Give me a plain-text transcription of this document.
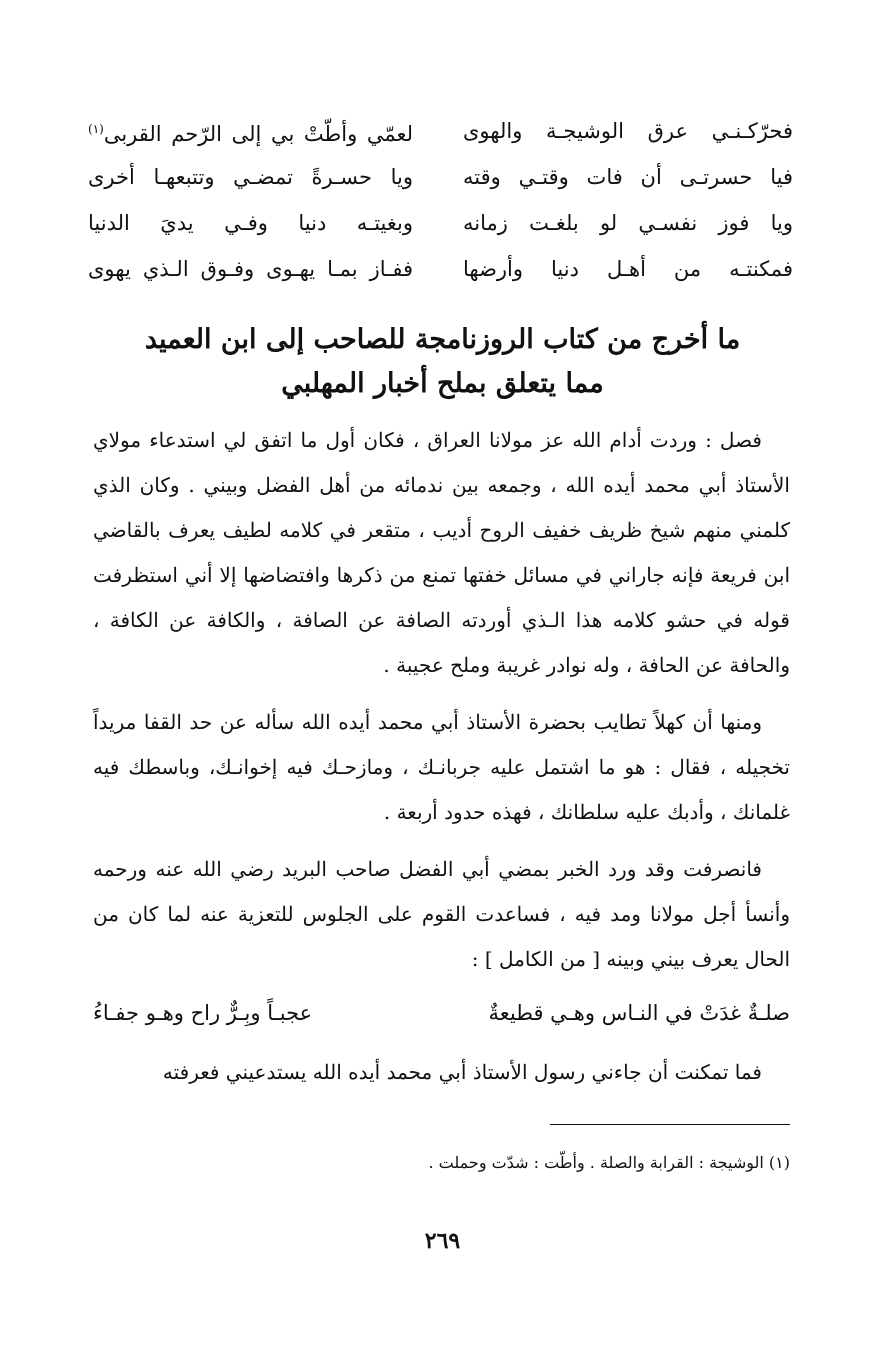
فحرّكـنـي عرق الوشيجـة والهوى
لعمّي وأطّتْ بي إلى الرّحم القربى$^{(١)}$
فيا حسرتـى أن فات وقتـي وقته
ويا حسـرةً تمضـي وتتبعهـا أخرى
ويا فوز نفسـي لو بلغـت زمانه
وبغيتـه دنيا وفـي يديَ الدنيا
فمكنتـه من أهـل دنيا وأرضها
ففـاز بمـا يهـوى وفـوق الـذي يهوى
ما أخرج من كتاب الروزنامجة للصاحب إلى ابن العميد
مما يتعلق بملح أخبار المهلبي

فصل : وردت أدام الله عز مولانا العراق ، فكان أول ما اتفق لي استدعاء مولاي الأستاذ أبي محمد أيده الله ، وجمعه بين ندمائه من أهل الفضل وبيني . وكان الذي كلمني منهم شيخ ظريف خفيف الروح أديب ، متقعر في كلامه لطيف يعرف بالقاضي ابن فريعة فإنه جاراني في مسائل خفتها تمنع من ذكرها وافتضاضها إلا أني استظرفت قوله في حشو كلامه هذا الـذي أوردته الصافة عن الصافة ، والكافة عن الكافة ، والحافة عن الحافة ، وله نوادر غريبة وملح عجيبة .

ومنها أن كهلاً تطايب بحضرة الأستاذ أبي محمد أيده الله سأله عن حد القفا مريداً تخجيله ، فقال : هو ما اشتمل عليه جربانـك ، ومازحـك فيه إخوانـك، وباسطك فيه غلمانك ، وأدبك عليه سلطانك ، فهذه حدود أربعة .

فانصرفت وقد ورد الخبر بمضي أبي الفضل صاحب البريد رضي الله عنه ورحمه وأنسأ أجل مولانا ومد فيه ، فساعدت القوم على الجلوس للتعزية عنه لما كان من الحال يعرف بيني وبينه [ من الكامل ] :

صلـةٌ غدَتْ في النـاس وهـي قطيعةٌ
عجبـاً وبِـرٌّ راح وهـو جفـاءُ

فما تمكنت أن جاءني رسول الأستاذ أبي محمد أيده الله يستدعيني فعرفته

(١) الوشيجة : القرابة والصلة . وأطّت : شدّت وحملت .
٢٦٩
